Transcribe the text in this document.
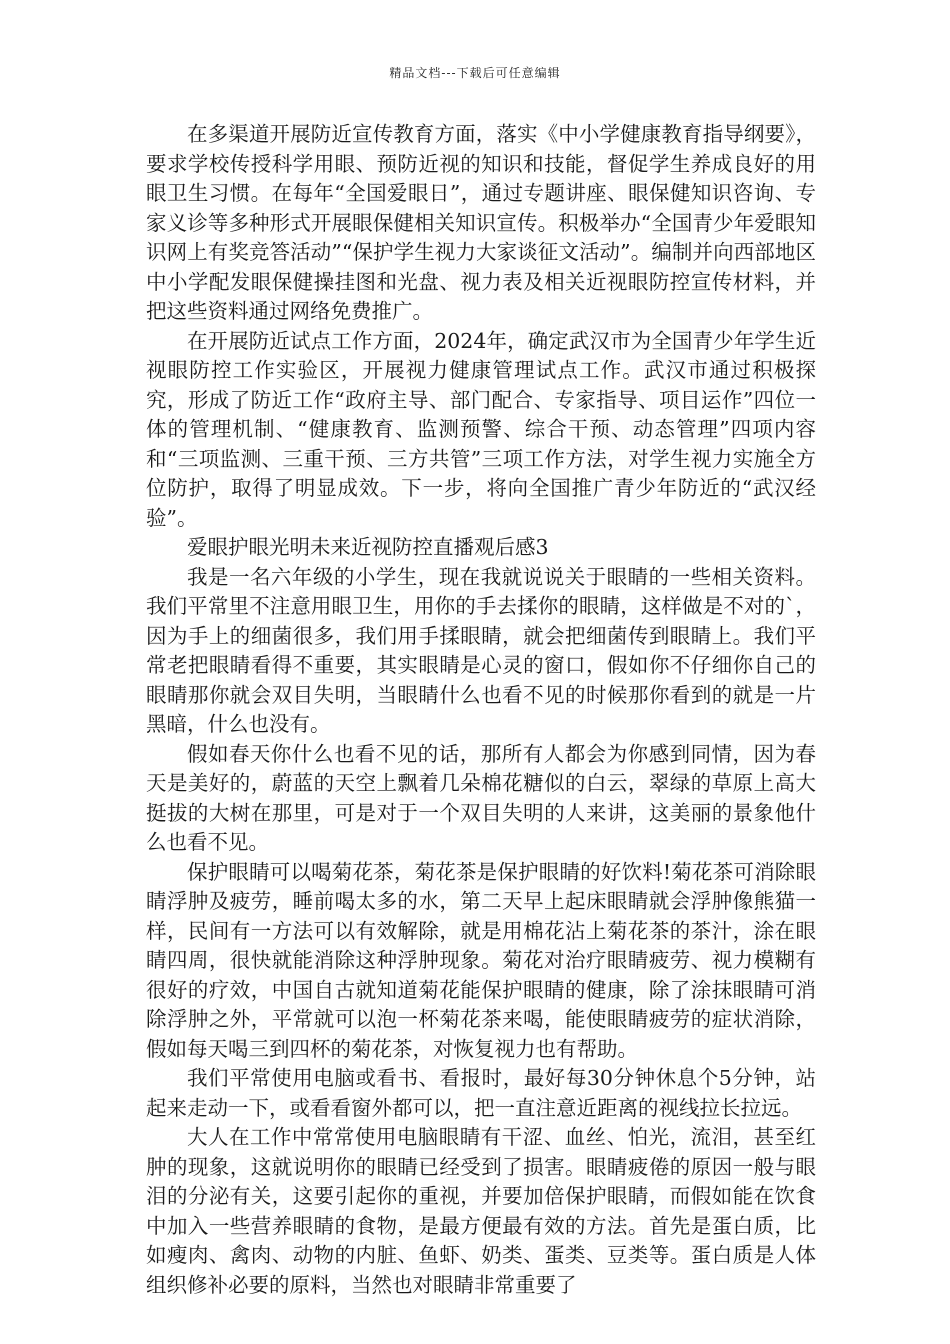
精品文档---下载后可任意编辑

在多渠道开展防近宣传教育方面，落实《中小学健康教育指导纲要》，要求学校传授科学用眼、预防近视的知识和技能，督促学生养成良好的用眼卫生习惯。在每年“全国爱眼日”，通过专题讲座、眼保健知识咨询、专家义诊等多种形式开展眼保健相关知识宣传。积极举办“全国青少年爱眼知识网上有奖竞答活动”“保护学生视力大家谈征文活动”。编制并向西部地区中小学配发眼保健操挂图和光盘、视力表及相关近视眼防控宣传材料，并把这些资料通过网络免费推广。

在开展防近试点工作方面，2024年，确定武汉市为全国青少年学生近视眼防控工作实验区，开展视力健康管理试点工作。武汉市通过积极探究，形成了防近工作“政府主导、部门配合、专家指导、项目运作”四位一体的管理机制、“健康教育、监测预警、综合干预、动态管理”四项内容和“三项监测、三重干预、三方共管”三项工作方法，对学生视力实施全方位防护，取得了明显成效。下一步，将向全国推广青少年防近的“武汉经验”。

爱眼护眼光明未来近视防控直播观后感3

我是一名六年级的小学生，现在我就说说关于眼睛的一些相关资料。我们平常里不注意用眼卫生，用你的手去揉你的眼睛，这样做是不对的`，因为手上的细菌很多，我们用手揉眼睛，就会把细菌传到眼睛上。我们平常老把眼睛看得不重要，其实眼睛是心灵的窗口，假如你不仔细你自己的眼睛那你就会双目失明，当眼睛什么也看不见的时候那你看到的就是一片黑暗，什么也没有。

假如春天你什么也看不见的话，那所有人都会为你感到同情，因为春天是美好的，蔚蓝的天空上飘着几朵棉花糖似的白云，翠绿的草原上高大挺拔的大树在那里，可是对于一个双目失明的人来讲，这美丽的景象他什么也看不见。

保护眼睛可以喝菊花茶，菊花茶是保护眼睛的好饮料!菊花茶可消除眼睛浮肿及疲劳，睡前喝太多的水，第二天早上起床眼睛就会浮肿像熊猫一样，民间有一方法可以有效解除，就是用棉花沾上菊花茶的茶汁，涂在眼睛四周，很快就能消除这种浮肿现象。菊花对治疗眼睛疲劳、视力模糊有很好的疗效，中国自古就知道菊花能保护眼睛的健康，除了涂抹眼睛可消除浮肿之外，平常就可以泡一杯菊花茶来喝，能使眼睛疲劳的症状消除，假如每天喝三到四杯的菊花茶，对恢复视力也有帮助。

我们平常使用电脑或看书、看报时，最好每30分钟休息个5分钟，站起来走动一下，或看看窗外都可以，把一直注意近距离的视线拉长拉远。

大人在工作中常常使用电脑眼睛有干涩、血丝、怕光，流泪，甚至红肿的现象，这就说明你的眼睛已经受到了损害。眼睛疲倦的原因一般与眼泪的分泌有关，这要引起你的重视，并要加倍保护眼睛，而假如能在饮食中加入一些营养眼睛的食物，是最方便最有效的方法。首先是蛋白质，比如瘦肉、禽肉、动物的内脏、鱼虾、奶类、蛋类、豆类等。蛋白质是人体组织修补必要的原料，当然也对眼睛非常重要了
